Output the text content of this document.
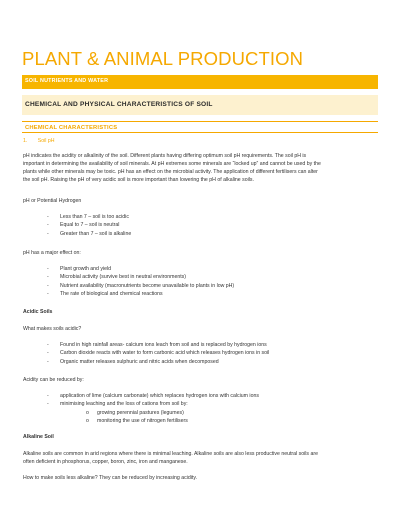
PLANT & ANIMAL PRODUCTION
SOIL NUTRIENTS AND WATER
CHEMICAL AND PHYSICAL CHARACTERISTICS OF SOIL
CHEMICAL CHARACTERISTICS
1. Soil pH
pH indicates the acidity or alkalinity of the soil. Different plants having differing optimum soil pH requirements. The soil pH is
important in determining the availability of soil minerals. At pH extremes some minerals are “locked up” and cannot be used by the
plants while other minerals may be toxic. pH has an effect on the microbial activity. The application of different fertilisers can alter
the soil pH. Raising the pH of very acidic soil is more important than lowering the pH of alkaline soils.
pH or Potential Hydrogen
- Less than 7 – soil is too acidic
- Equal to 7 – soil is neutral
- Greater than 7 – soil is alkaline
pH has a major effect on:
- Plant growth and yield
- Microbial activity (survive best in neutral environments)
- Nutrient availability (macronutrients become unavailable to plants in low pH)
- The rate of biological and chemical reactions
Acidic Soils
What makes soils acidic?
- Found in high rainfall areas- calcium ions leach from soil and is replaced by hydrogen ions
- Carbon dioxide reacts with water to form carbonic acid which releases hydrogen ions in soil
- Organic matter releases sulphuric and nitric acids when decomposed
Acidity can be reduced by:
- application of lime (calcium carbonate) which replaces hydrogen ions with calcium ions
- minimising leaching and the loss of cations from soil by:
o growing perennial pastures (legumes)
o monitoring the use of nitrogen fertilisers
Alkaline Soil
Alkaline soils are common in arid regions where there is minimal leaching. Alkaline soils are also less productive neutral soils are
often deficient in phosphorus, copper, boron, zinc, iron and manganese.
How to make soils less alkaline? They can be reduced by increasing acidity.
